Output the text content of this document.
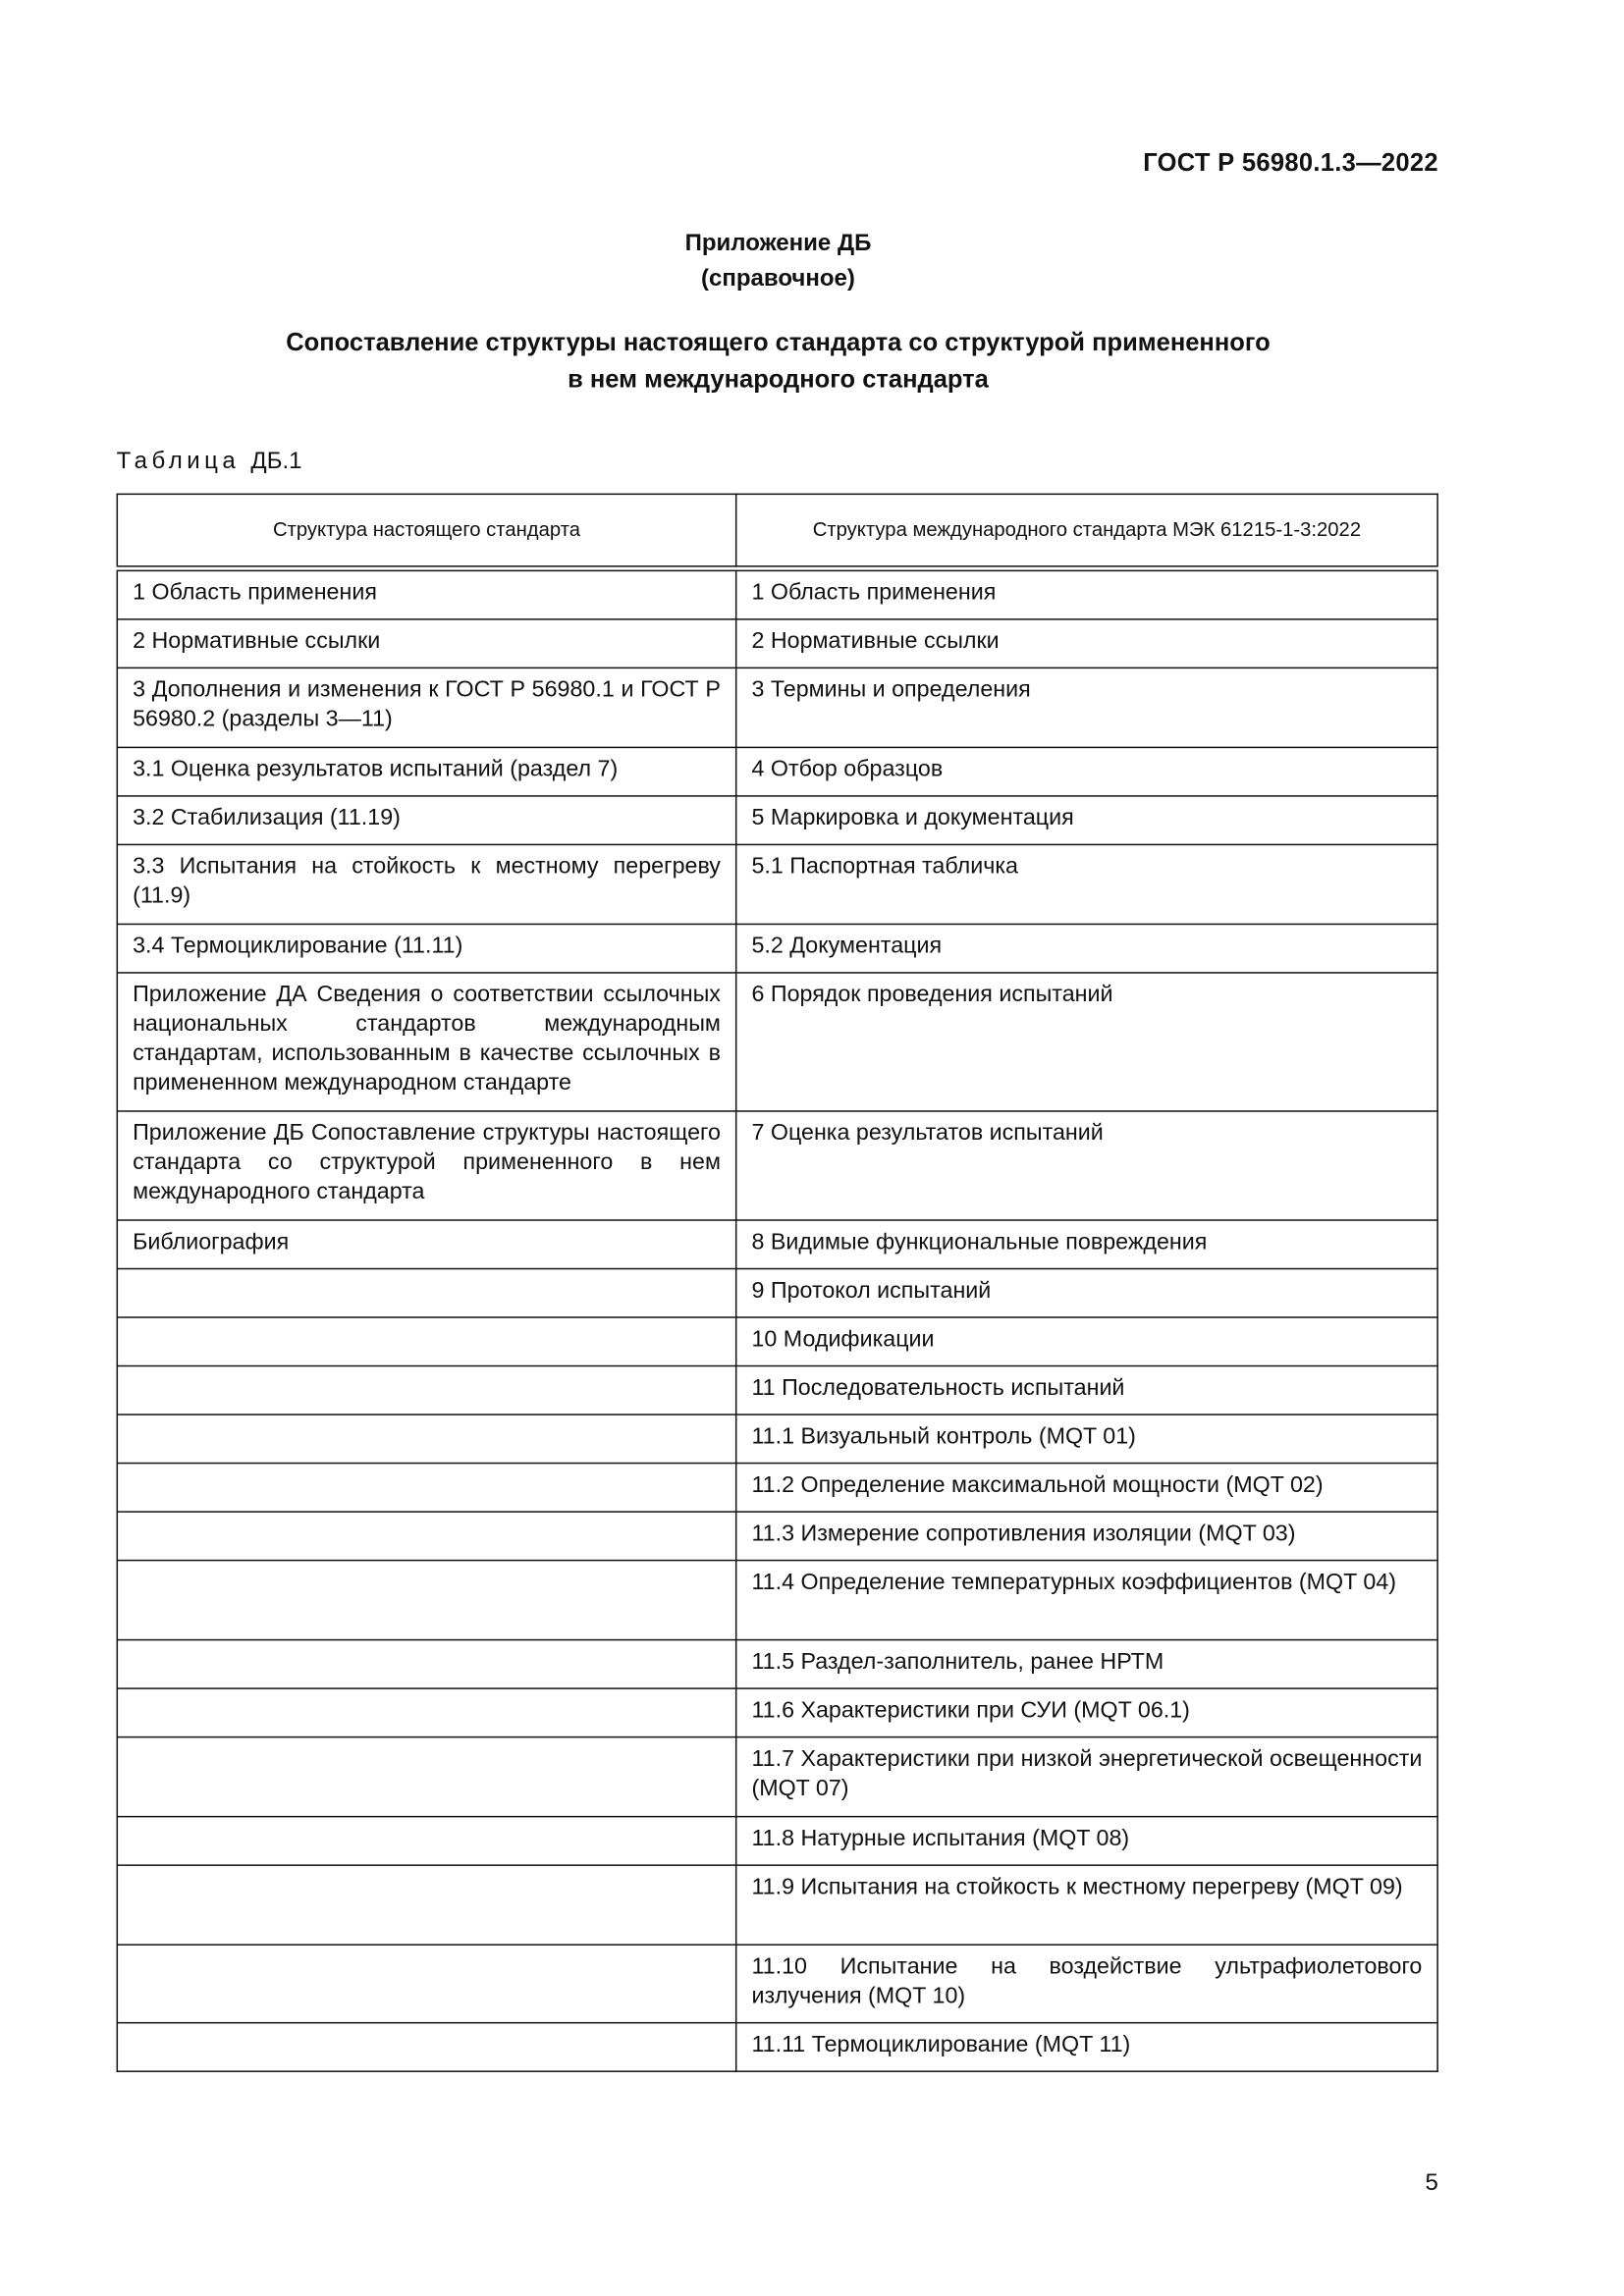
ГОСТ Р 56980.1.3—2022
Приложение ДБ
(справочное)
Сопоставление структуры настоящего стандарта со структурой примененного
в нем международного стандарта
Таблица ДБ.1
Структура настоящего стандарта	Структура международного стандарта МЭК 61215-1-3:2022
1 Область применения	1 Область применения
2 Нормативные ссылки	2 Нормативные ссылки
3 Дополнения и изменения к ГОСТ Р 56980.1 и ГОСТ Р 56980.2 (разделы 3—11)	3 Термины и определения
3.1 Оценка результатов испытаний (раздел 7)	4 Отбор образцов
3.2 Стабилизация (11.19)	5 Маркировка и документация
3.3 Испытания на стойкость к местному перегреву (11.9)	5.1 Паспортная табличка
3.4 Термоциклирование (11.11)	5.2 Документация
Приложение ДА Сведения о соответствии ссылочных национальных стандартов международным стандартам, использованным в качестве ссылочных в примененном международном стандарте	6 Порядок проведения испытаний
Приложение ДБ Сопоставление структуры настоящего стандарта со структурой примененного в нем международного стандарта	7 Оценка результатов испытаний
Библиография	8 Видимые функциональные повреждения
	9 Протокол испытаний
	10 Модификации
	11 Последовательность испытаний
	11.1 Визуальный контроль (MQT 01)
	11.2 Определение максимальной мощности (MQT 02)
	11.3 Измерение сопротивления изоляции (MQT 03)
	11.4 Определение температурных коэффициентов (MQT 04)
	11.5 Раздел-заполнитель, ранее НРТМ
	11.6 Характеристики при СУИ (MQT 06.1)
	11.7 Характеристики при низкой энергетической освещенности (MQT 07)
	11.8 Натурные испытания (MQT 08)
	11.9 Испытания на стойкость к местному перегреву (MQT 09)
	11.10 Испытание на воздействие ультрафиолетового излучения (MQT 10)
	11.11 Термоциклирование (MQT 11)
5
